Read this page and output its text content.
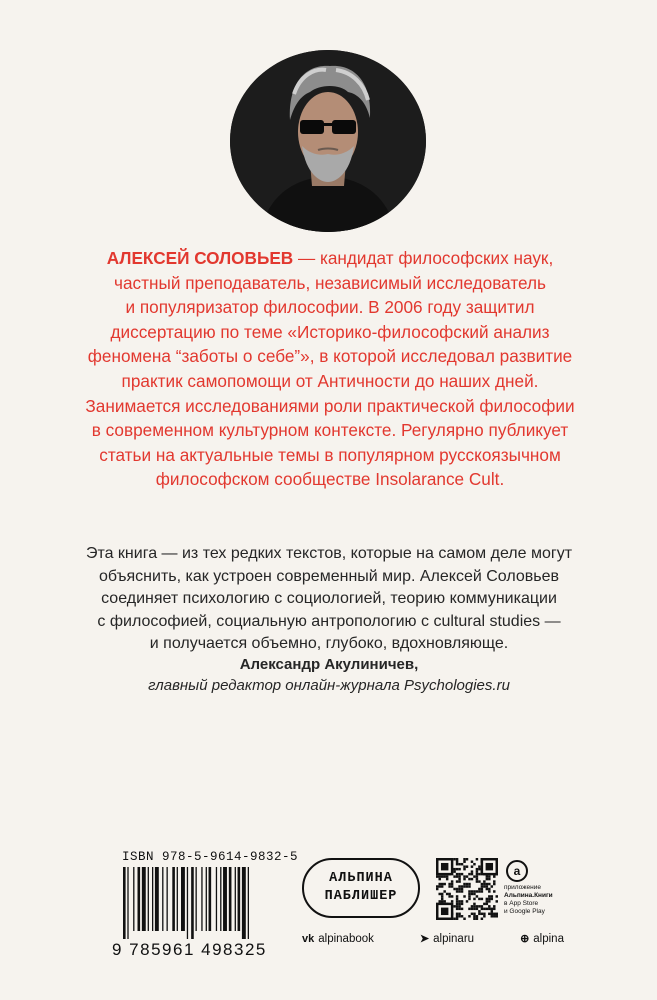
АЛЕКСЕЙ СОЛОВЬЕВ — кандидат философских наук,
частный преподаватель, независимый исследователь
и популяризатор философии. В 2006 году защитил
диссертацию по теме «Историко-философский анализ
феномена “заботы о себе”», в которой исследовал развитие
практик самопомощи от Античности до наших дней.
Занимается исследованиями роли практической философии
в современном культурном контексте. Регулярно публикует
статьи на актуальные темы в популярном русскоязычном
философском сообществе Insolarance Cult.
Эта книга — из тех редких текстов, которые на самом деле могут
объяснить, как устроен современный мир. Алексей Соловьев
соединяет психологию с социологией, теорию коммуникации
с философией, социальную антропологию с cultural studies —
и получается объемно, глубоко, вдохновляюще.
Александр Акулиничев,
главный редактор онлайн-журнала Psychologies.ru
ISBN 978-5-9614-9832-5
9 785961 498325
АЛЬПИНА
ПАБЛИШЕР
a
приложение
Альпина.Книги
в App Store
и Google Play
vk alpinabook	➤ alpinaru	⊕ alpina
